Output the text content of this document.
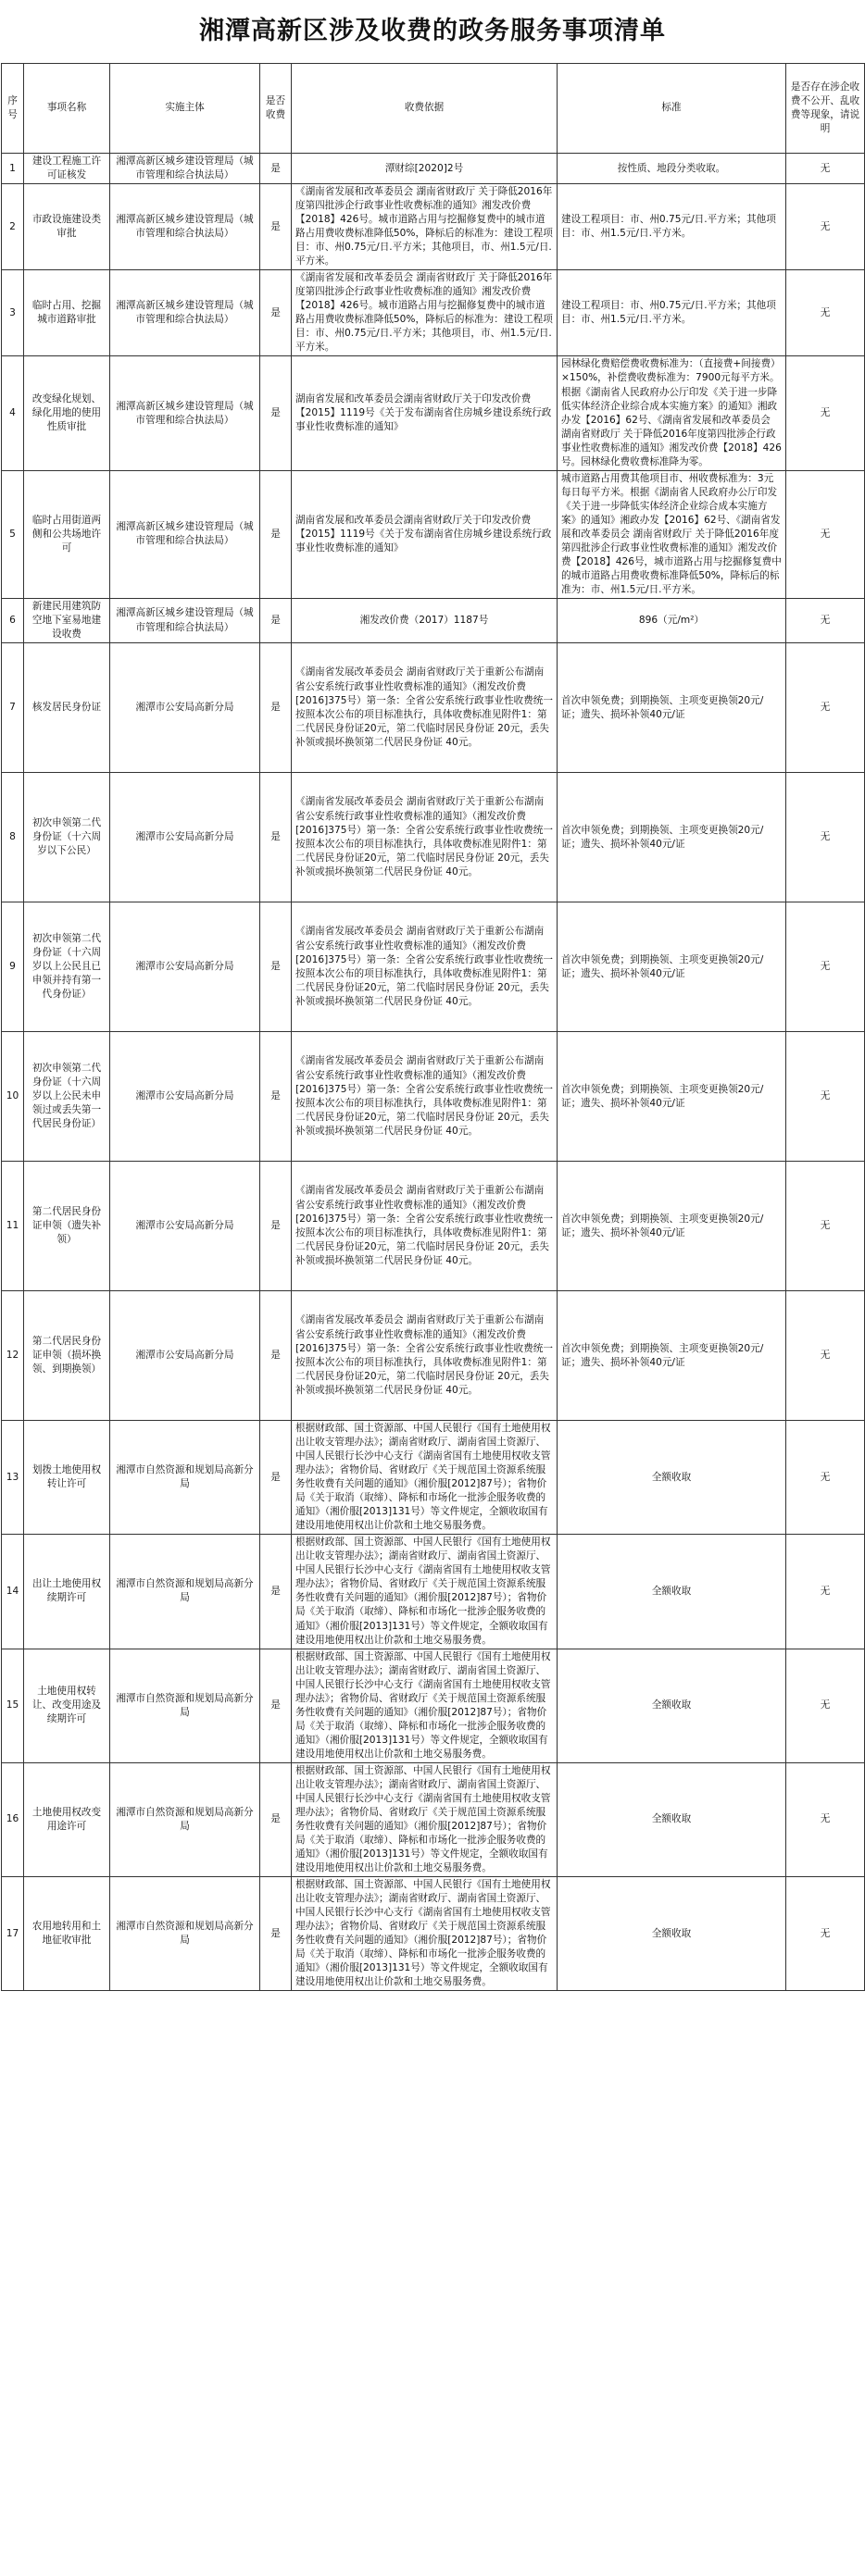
湘潭高新区涉及收费的政务服务事项清单
序号	事项名称	实施主体	是否收费	收费依据	标准	是否存在涉企收费不公开、乱收费等现象，请说明
1	建设工程施工许可证核发	湘潭高新区城乡建设管理局（城市管理和综合执法局）	是	潭财综[2020]2号	按性质、地段分类收取。	无
2	市政设施建设类审批	湘潭高新区城乡建设管理局（城市管理和综合执法局）	是	《湖南省发展和改革委员会 湖南省财政厅 关于降低2016年度第四批涉企行政事业性收费标准的通知》湘发改价费【2018】426号。城市道路占用与挖掘修复费中的城市道路占用费收费标准降低50%，降标后的标准为：建设工程项目：市、州0.75元/日.平方米；其他项目，市、州1.5元/日.平方米。	建设工程项目：市、州0.75元/日.平方米；其他项目：市、州1.5元/日.平方米。	无
3	临时占用、挖掘城市道路审批	湘潭高新区城乡建设管理局（城市管理和综合执法局）	是	《湖南省发展和改革委员会 湖南省财政厅 关于降低2016年度第四批涉企行政事业性收费标准的通知》湘发改价费【2018】426号。城市道路占用与挖掘修复费中的城市道路占用费收费标准降低50%，降标后的标准为：建设工程项目：市、州0.75元/日.平方米；其他项目，市、州1.5元/日.平方米。	建设工程项目：市、州0.75元/日.平方米；其他项目：市、州1.5元/日.平方米。	无
4	改变绿化规划、绿化用地的使用性质审批	湘潭高新区城乡建设管理局（城市管理和综合执法局）	是	湖南省发展和改革委员会湖南省财政厅关于印发改价费【2015】1119号《关于发布湖南省住房城乡建设系统行政事业性收费标准的通知》	园林绿化费赔偿费收费标准为：（直接费+间接费）×150%，补偿费收费标准为：7900元每平方米。根据《湖南省人民政府办公厅印发《关于进一步降低实体经济企业综合成本实施方案》的通知》湘政办发【2016】62号、《湖南省发展和改革委员会 湖南省财政厅 关于降低2016年度第四批涉企行政事业性收费标准的通知》湘发改价费【2018】426号。园林绿化费收费标准降为零。	无
5	临时占用街道两侧和公共场地许可	湘潭高新区城乡建设管理局（城市管理和综合执法局）	是	湖南省发展和改革委员会湖南省财政厅关于印发改价费【2015】1119号《关于发布湖南省住房城乡建设系统行政事业性收费标准的通知》	城市道路占用费其他项目市、州收费标准为：3元每日每平方米。根据《湖南省人民政府办公厅印发《关于进一步降低实体经济企业综合成本实施方案》的通知》湘政办发【2016】62号、《湖南省发展和改革委员会 湖南省财政厅 关于降低2016年度第四批涉企行政事业性收费标准的通知》湘发改价费【2018】426号，城市道路占用与挖掘修复费中的城市道路占用费收费标准降低50%，降标后的标准为：市、州1.5元/日.平方米。	无
6	新建民用建筑防空地下室易地建设收费	湘潭高新区城乡建设管理局（城市管理和综合执法局）	是	湘发改价费（2017）1187号	896（元/m²）	无
7	核发居民身份证	湘潭市公安局高新分局	是	《湖南省发展改革委员会 湖南省财政厅关于重新公布湖南省公安系统行政事业性收费标准的通知》（湘发改价费[2016]375号）第一条：全省公安系统行政事业性收费统一按照本次公布的项目标准执行，具体收费标准见附件1：第二代居民身份证20元，第二代临时居民身份证 20元，丢失补领或损坏换领第二代居民身份证 40元。	首次申领免费；到期换领、主项变更换领20元/证；遗失、损坏补领40元/证	无
8	初次申领第二代身份证（十六周岁以下公民）	湘潭市公安局高新分局	是	《湖南省发展改革委员会 湖南省财政厅关于重新公布湖南省公安系统行政事业性收费标准的通知》（湘发改价费[2016]375号）第一条：全省公安系统行政事业性收费统一按照本次公布的项目标准执行，具体收费标准见附件1：第二代居民身份证20元，第二代临时居民身份证 20元，丢失补领或损坏换领第二代居民身份证 40元。	首次申领免费；到期换领、主项变更换领20元/证；遗失、损坏补领40元/证	无
9	初次申领第二代身份证（十六周岁以上公民且已申领并持有第一代身份证）	湘潭市公安局高新分局	是	《湖南省发展改革委员会 湖南省财政厅关于重新公布湖南省公安系统行政事业性收费标准的通知》（湘发改价费[2016]375号）第一条：全省公安系统行政事业性收费统一按照本次公布的项目标准执行，具体收费标准见附件1：第二代居民身份证20元，第二代临时居民身份证 20元，丢失补领或损坏换领第二代居民身份证 40元。	首次申领免费；到期换领、主项变更换领20元/证；遗失、损坏补领40元/证	无
10	初次申领第二代身份证（十六周岁以上公民未申领过或丢失第一代居民身份证）	湘潭市公安局高新分局	是	《湖南省发展改革委员会 湖南省财政厅关于重新公布湖南省公安系统行政事业性收费标准的通知》（湘发改价费[2016]375号）第一条：全省公安系统行政事业性收费统一按照本次公布的项目标准执行，具体收费标准见附件1：第二代居民身份证20元，第二代临时居民身份证 20元，丢失补领或损坏换领第二代居民身份证 40元。	首次申领免费；到期换领、主项变更换领20元/证；遗失、损坏补领40元/证	无
11	第二代居民身份证申领（遗失补领）	湘潭市公安局高新分局	是	《湖南省发展改革委员会 湖南省财政厅关于重新公布湖南省公安系统行政事业性收费标准的通知》（湘发改价费[2016]375号）第一条：全省公安系统行政事业性收费统一按照本次公布的项目标准执行，具体收费标准见附件1：第二代居民身份证20元，第二代临时居民身份证 20元，丢失补领或损坏换领第二代居民身份证 40元。	首次申领免费；到期换领、主项变更换领20元/证；遗失、损坏补领40元/证	无
12	第二代居民身份证申领（损坏换领、到期换领）	湘潭市公安局高新分局	是	《湖南省发展改革委员会 湖南省财政厅关于重新公布湖南省公安系统行政事业性收费标准的通知》（湘发改价费[2016]375号）第一条：全省公安系统行政事业性收费统一按照本次公布的项目标准执行，具体收费标准见附件1：第二代居民身份证20元，第二代临时居民身份证 20元，丢失补领或损坏换领第二代居民身份证 40元。	首次申领免费；到期换领、主项变更换领20元/证；遗失、损坏补领40元/证	无
13	划拨土地使用权转让许可	湘潭市自然资源和规划局高新分局	是	根据财政部、国土资源部、中国人民银行《国有土地使用权出让收支管理办法》；湖南省财政厅、湖南省国土资源厅、中国人民银行长沙中心支行《湖南省国有土地使用权收支管理办法》；省物价局、省财政厅《关于规范国土资源系统服务性收费有关问题的通知》（湘价服[2012]87号）；省物价局《关于取消（取缔）、降标和市场化一批涉企服务收费的通知》（湘价服[2013]131号）等文件规定，全额收取国有建设用地使用权出让价款和土地交易服务费。	全额收取	无
14	出让土地使用权续期许可	湘潭市自然资源和规划局高新分局	是	根据财政部、国土资源部、中国人民银行《国有土地使用权出让收支管理办法》；湖南省财政厅、湖南省国土资源厅、中国人民银行长沙中心支行《湖南省国有土地使用权收支管理办法》；省物价局、省财政厅《关于规范国土资源系统服务性收费有关问题的通知》（湘价服[2012]87号）；省物价局《关于取消（取缔）、降标和市场化一批涉企服务收费的通知》（湘价服[2013]131号）等文件规定，全额收取国有建设用地使用权出让价款和土地交易服务费。	全额收取	无
15	土地使用权转让、改变用途及续期许可	湘潭市自然资源和规划局高新分局	是	根据财政部、国土资源部、中国人民银行《国有土地使用权出让收支管理办法》；湖南省财政厅、湖南省国土资源厅、中国人民银行长沙中心支行《湖南省国有土地使用权收支管理办法》；省物价局、省财政厅《关于规范国土资源系统服务性收费有关问题的通知》（湘价服[2012]87号）；省物价局《关于取消（取缔）、降标和市场化一批涉企服务收费的通知》（湘价服[2013]131号）等文件规定，全额收取国有建设用地使用权出让价款和土地交易服务费。	全额收取	无
16	土地使用权改变用途许可	湘潭市自然资源和规划局高新分局	是	根据财政部、国土资源部、中国人民银行《国有土地使用权出让收支管理办法》；湖南省财政厅、湖南省国土资源厅、中国人民银行长沙中心支行《湖南省国有土地使用权收支管理办法》；省物价局、省财政厅《关于规范国土资源系统服务性收费有关问题的通知》（湘价服[2012]87号）；省物价局《关于取消（取缔）、降标和市场化一批涉企服务收费的通知》（湘价服[2013]131号）等文件规定，全额收取国有建设用地使用权出让价款和土地交易服务费。	全额收取	无
17	农用地转用和土地征收审批	湘潭市自然资源和规划局高新分局	是	根据财政部、国土资源部、中国人民银行《国有土地使用权出让收支管理办法》；湖南省财政厅、湖南省国土资源厅、中国人民银行长沙中心支行《湖南省国有土地使用权收支管理办法》；省物价局、省财政厅《关于规范国土资源系统服务性收费有关问题的通知》（湘价服[2012]87号）；省物价局《关于取消（取缔）、降标和市场化一批涉企服务收费的通知》（湘价服[2013]131号）等文件规定，全额收取国有建设用地使用权出让价款和土地交易服务费。	全额收取	无
